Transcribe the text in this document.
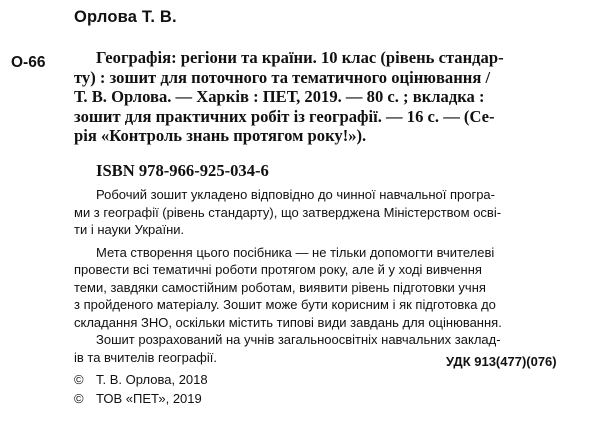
Орлова Т. В.
О-66	Географія: регіони та країни. 10 клас (рівень стандар-
ту) : зошит для поточного та тематичного оцінювання /
Т. В. Орлова. — Харків : ПЕТ, 2019. — 80 с. ; вкладка :
зошит для практичних робіт із географії. — 16 с. — (Се-
рія «Контроль знань протягом року!»).
ISBN 978-966-925-034-6
Робочий зошит укладено відповідно до чинної навчальної програ-
ми з географії (рівень стандарту), що затверджена Міністерством осві-
ти і науки України.
Мета створення цього посібника — не тільки допомогти вчителеві
провести всі тематичні роботи протягом року, але й у ході вивчення
теми, завдяки самостійним роботам, виявити рівень підготовки учня
з пройденого матеріалу. Зошит може бути корисним і як підготовка до
складання ЗНО, оскільки містить типові види завдань для оцінювання.
Зошит розрахований на учнів загальноосвітніх навчальних заклад-
ів та вчителів географії.	УДК 913(477)(076)
© Т. В. Орлова, 2018
© ТОВ «ПЕТ», 2019
